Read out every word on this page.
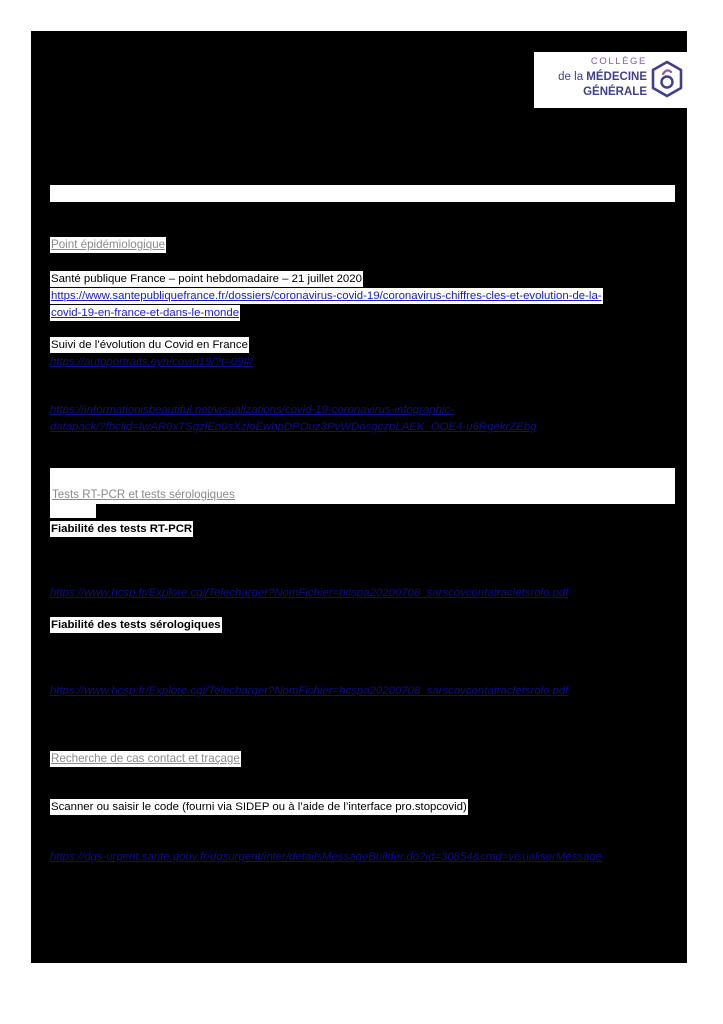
COLLÈGE
de la MÉDECINE
GÉNÉRALE
Point épidémiologique
Santé publique France – point hebdomadaire – 21 juillet 2020
https://www.santepubliquefrance.fr/dossiers/coronavirus-covid-19/coronavirus-chiffres-cles-et-evolution-de-la-
covid-19-en-france-et-dans-le-monde
Suivi de l’évolution du Covid en France
https://autoportraits.eyh/covid19/?t=09#/
https://informationisbeautiful.net/visualizations/covid-19-coronavirus-infographic-
datapack/?fbclid=IwAR0xTSgzlEo0sXzioEwbpDPOuz3PvWDosgczpLAEK_OOE4-u6RgekrZEbg
Tests RT-PCR et tests sérologiques
Fiabilité des tests RT-PCR
https://www.hcsp.fr/Explore.cgi/Telecharger?NomFichier=hcspa20200708_sarscovcontatracletsrolo.pdf
Fiabilité des tests sérologiques
https://www.hcsp.fr/Explore.cgi/Telecharger?NomFichier=hcspa20200708_sarscovcontatracletsrolo.pdf
Recherche de cas contact et traçage
Scanner ou saisir le code (fourni via SIDEP ou à l’aide de l’interface pro.stopcovid)
https://dgs-urgent.sante.gouv.fr/dgsurgent/inter/detailsMessageBuilder.do?id=30854&cmd=visualiserMessage
